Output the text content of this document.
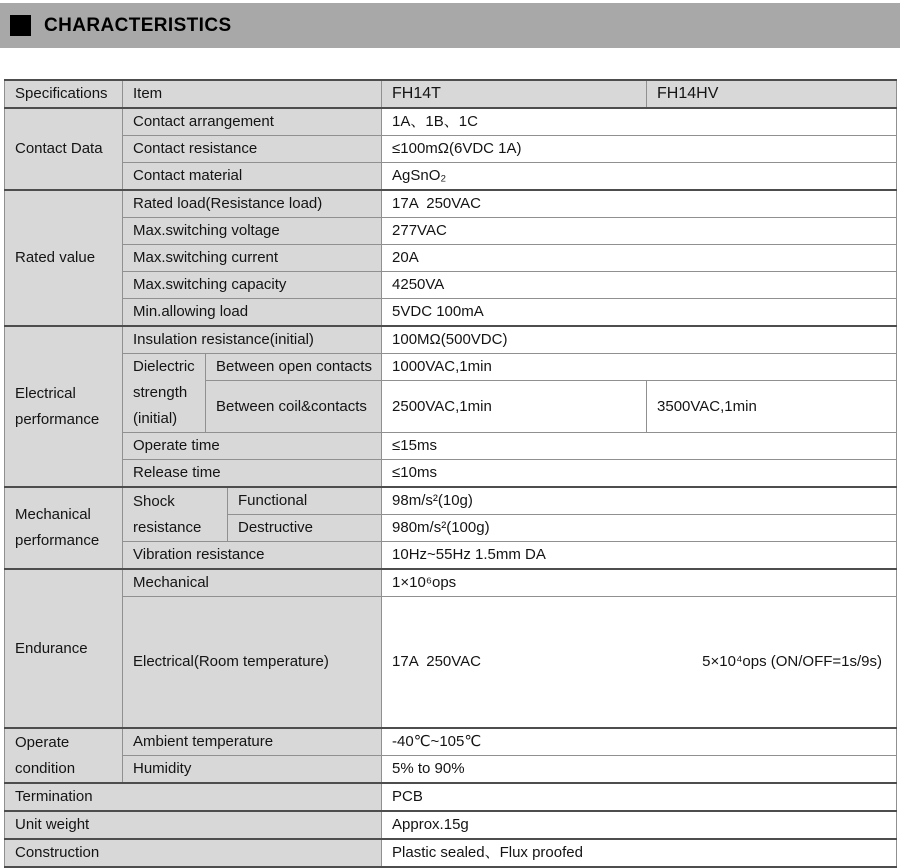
CHARACTERISTICS
Specifications	Item			FH14T	FH14HV
Contact Data	Contact arrangement			1A、1B、1C	
	Contact resistance			≤100mΩ(6VDC 1A)	
	Contact material			AgSnO₂	
Rated value	Rated load(Resistance load)			17A  250VAC	
	Max.switching voltage			277VAC	
	Max.switching current			20A	
	Max.switching capacity			4250VA	
	Min.allowing load			5VDC 100mA	
Electrical performance	Insulation resistance(initial)			100MΩ(500VDC)	
	Dielectric strength (initial)	Between open contacts		1000VAC,1min	
		Between coil&contacts		2500VAC,1min	3500VAC,1min
	Operate time			≤15ms	
	Release time			≤10ms	
Mechanical performance	Shock resistance		Functional	98m/s²(10g)	
			Destructive	980m/s²(100g)	
	Vibration resistance			10Hz~55Hz 1.5mm DA	
Endurance	Mechanical			1×10⁶ops	
	Electrical(Room temperature)			17A  250VAC 5×10⁴ops (ON/OFF=1s/9s)	

Operate condition	Ambient temperature			-40℃~105℃	
	Humidity			5% to 90%	
Termination				PCB	
Unit weight				Approx.15g	
Construction				Plastic sealed、Flux proofed	
